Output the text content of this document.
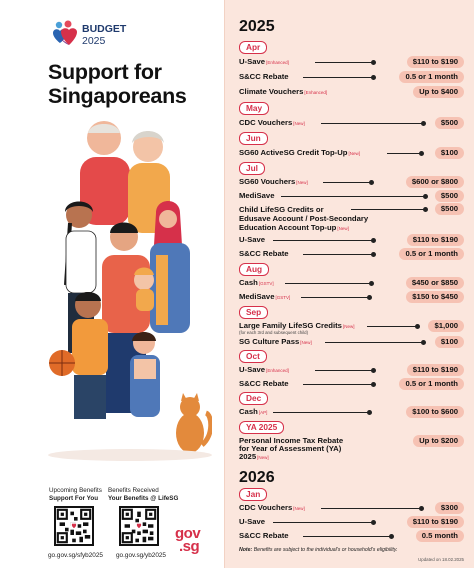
BUDGET
2025
Support for
Singaporeans
Upcoming Benefits
Support For You
Benefits Received
Your Benefits @ LifeSG
go.gov.sg/sfyb2025 go.gov.sg/yb2025
gov
.sg
2025
Apr
U-Save[Enhanced]	$110 to $190
S&CC Rebate	0.5 or 1 month
Climate Vouchers[Enhanced]	Up to $400
May
CDC Vouchers[New]	$500
Jun
SG60 ActiveSG Credit Top-Up[New]	$100
Jul
SG60 Vouchers[New]	$600 or $800
MediSave	$500
Child LifeSG Credits or
Edusave Account / Post-Secondary
Education Account Top-up[New]
$500
U-Save	$110 to $190
S&CC Rebate	0.5 or 1 month
Aug
Cash[GSTV]	$450 or $850
MediSave[GSTV]	$150 to $450
Sep
Large Family LifeSG Credits[New]
(for each 3rd and subsequent child)
$1,000
SG Culture Pass[New]	$100
Oct
U-Save[Enhanced]	$110 to $190
S&CC Rebate	0.5 or 1 month
Dec
Cash[AP]	$100 to $600
YA 2025
Personal Income Tax Rebate
for Year of Assessment (YA)
2025[New]
Up to $200
2026
Jan
CDC Vouchers[New]	$300
U-Save	$110 to $190
S&CC Rebate	0.5 month
Note: Benefits are subject to the individual's or household's eligibility.
Updated on 18.02.2025
